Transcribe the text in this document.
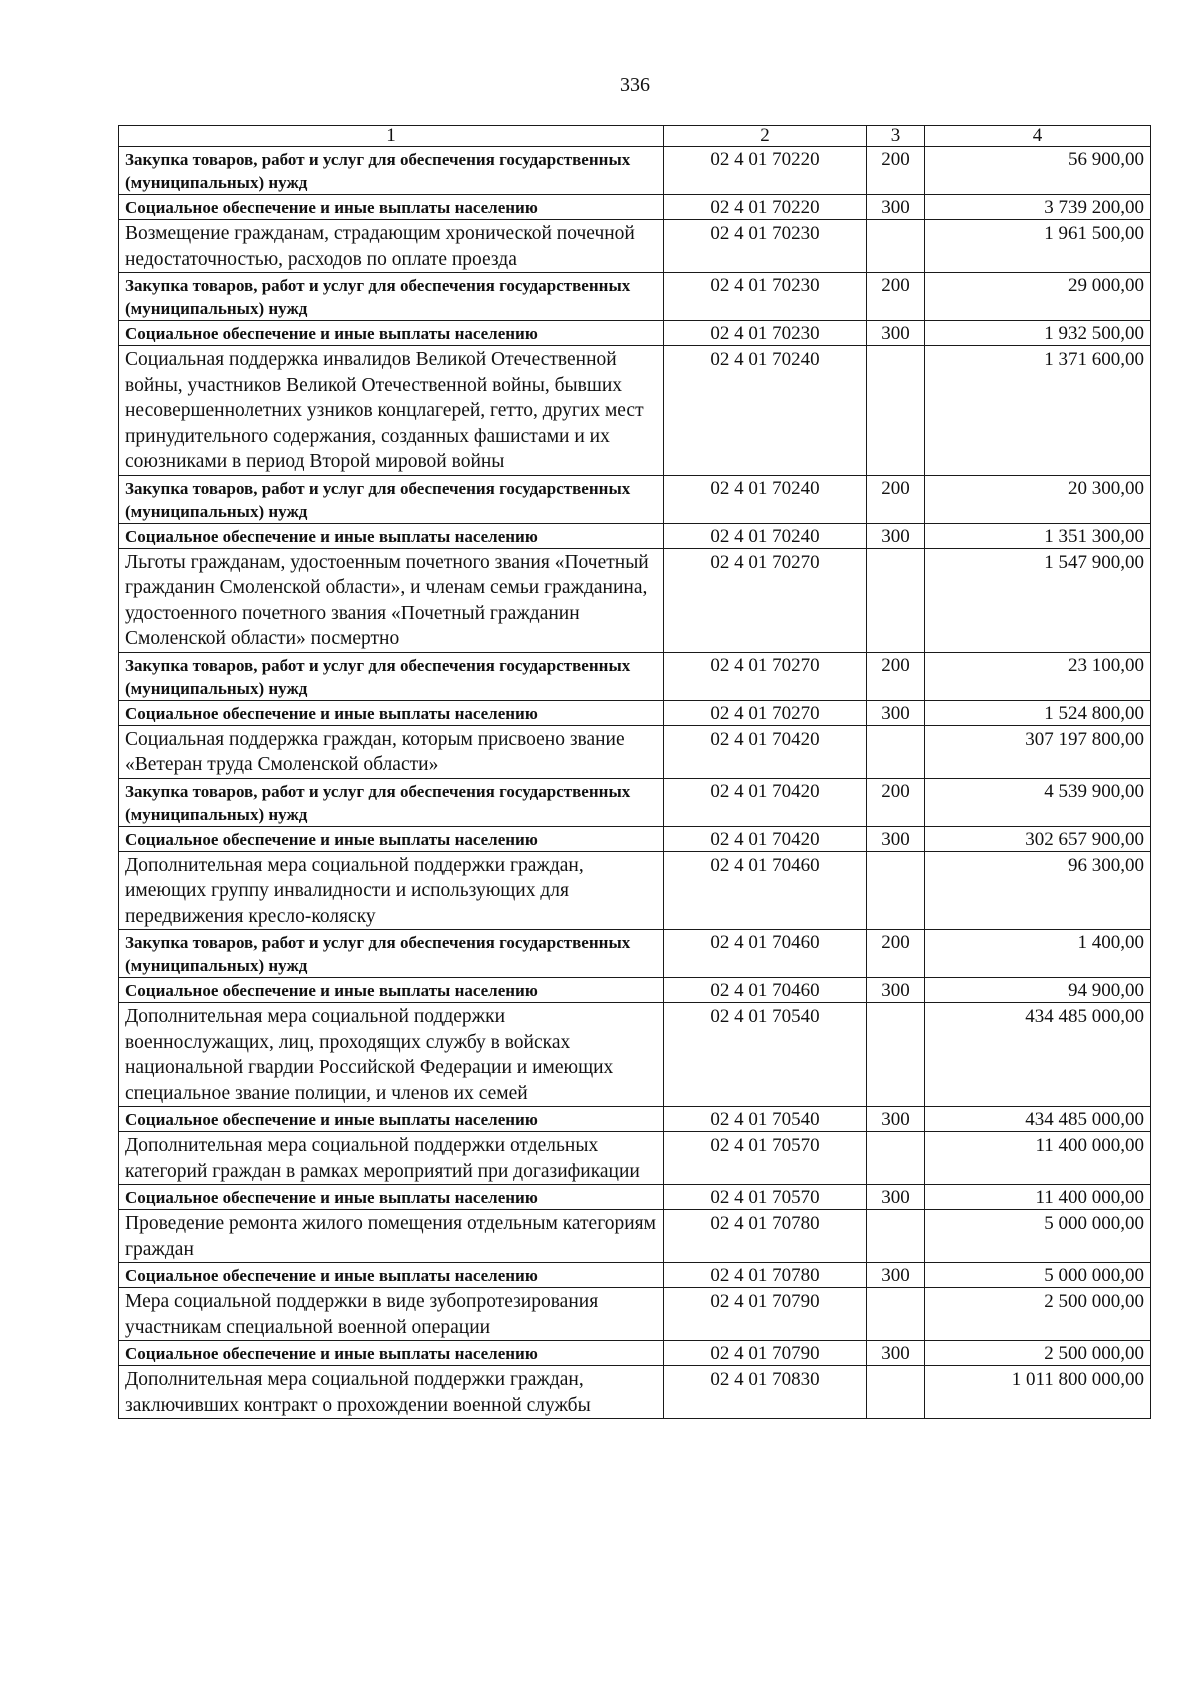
336
1	2	3	4
Закупка товаров, работ и услуг для обеспечения государственных (муниципальных) нужд	02 4 01 70220	200	56 900,00
Социальное обеспечение и иные выплаты населению	02 4 01 70220	300	3 739 200,00
Возмещение гражданам, страдающим хронической почечной недостаточностью, расходов по оплате проезда	02 4 01 70230		1 961 500,00
Закупка товаров, работ и услуг для обеспечения государственных (муниципальных) нужд	02 4 01 70230	200	29 000,00
Социальное обеспечение и иные выплаты населению	02 4 01 70230	300	1 932 500,00
Социальная поддержка инвалидов Великой Отечественной войны, участников Великой Отечественной войны, бывших несовершеннолетних узников концлагерей, гетто, других мест принудительного содержания, созданных фашистами и их союзниками в период Второй мировой войны	02 4 01 70240		1 371 600,00
Закупка товаров, работ и услуг для обеспечения государственных (муниципальных) нужд	02 4 01 70240	200	20 300,00
Социальное обеспечение и иные выплаты населению	02 4 01 70240	300	1 351 300,00
Льготы гражданам, удостоенным почетного звания «Почетный гражданин Смоленской области», и членам семьи гражданина, удостоенного почетного звания «Почетный гражданин Смоленской области» посмертно	02 4 01 70270		1 547 900,00
Закупка товаров, работ и услуг для обеспечения государственных (муниципальных) нужд	02 4 01 70270	200	23 100,00
Социальное обеспечение и иные выплаты населению	02 4 01 70270	300	1 524 800,00
Социальная поддержка граждан, которым присвоено звание «Ветеран труда Смоленской области»	02 4 01 70420		307 197 800,00
Закупка товаров, работ и услуг для обеспечения государственных (муниципальных) нужд	02 4 01 70420	200	4 539 900,00
Социальное обеспечение и иные выплаты населению	02 4 01 70420	300	302 657 900,00
Дополнительная мера социальной поддержки граждан, имеющих группу инвалидности и использующих для передвижения кресло-коляску	02 4 01 70460		96 300,00
Закупка товаров, работ и услуг для обеспечения государственных (муниципальных) нужд	02 4 01 70460	200	1 400,00
Социальное обеспечение и иные выплаты населению	02 4 01 70460	300	94 900,00
Дополнительная мера социальной поддержки военнослужащих, лиц, проходящих службу в войсках национальной гвардии Российской Федерации и имеющих специальное звание полиции, и членов их семей	02 4 01 70540		434 485 000,00
Социальное обеспечение и иные выплаты населению	02 4 01 70540	300	434 485 000,00
Дополнительная мера социальной поддержки отдельных категорий граждан в рамках мероприятий при догазификации	02 4 01 70570		11 400 000,00
Социальное обеспечение и иные выплаты населению	02 4 01 70570	300	11 400 000,00
Проведение ремонта жилого помещения отдельным категориям граждан	02 4 01 70780		5 000 000,00
Социальное обеспечение и иные выплаты населению	02 4 01 70780	300	5 000 000,00
Мера социальной поддержки в виде зубопротезирования участникам специальной военной операции	02 4 01 70790		2 500 000,00
Социальное обеспечение и иные выплаты населению	02 4 01 70790	300	2 500 000,00
Дополнительная мера социальной поддержки граждан, заключивших контракт о прохождении военной службы	02 4 01 70830		1 011 800 000,00
